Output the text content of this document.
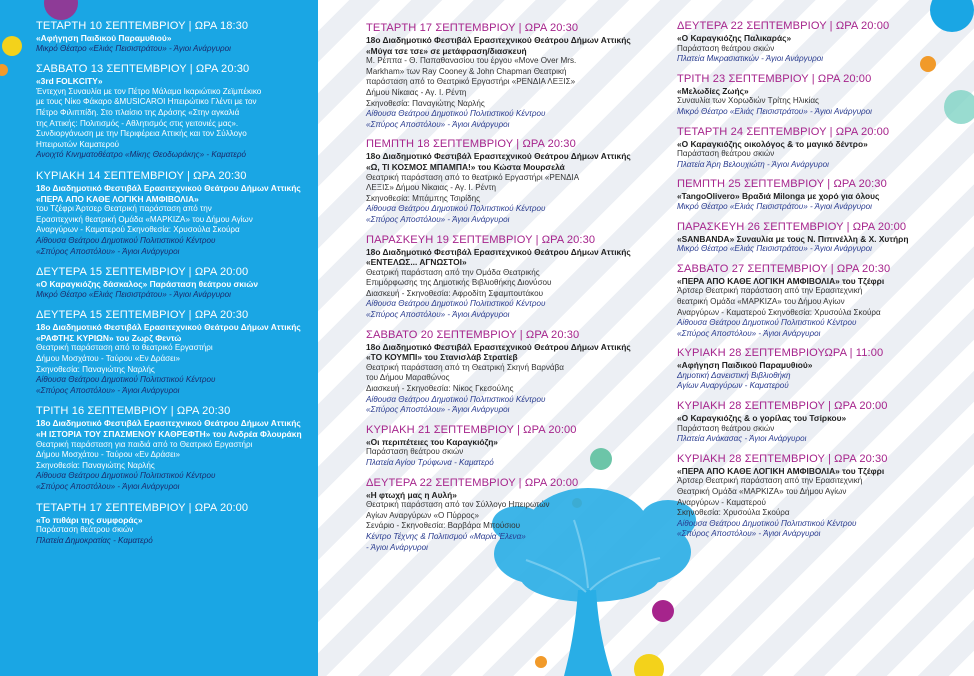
ΤΕΤΑΡΤΗ 10 ΣΕΠΤΕΜΒΡΙΟΥ | ΩΡΑ 18:30
«Αφήγηση Παιδικού Παραμυθιού»
Μικρό Θέατρο «Ελιάς Πεισιστράτου» - Άγιοι Ανάργυροι
ΣΑΒΒΑΤΟ 13 ΣΕΠΤΕΜΒΡΙΟΥ | ΩΡΑ 20:30
«3rd FOLKCITY»
Έντεχνη Συναυλία με τον Πέτρο Μάλαμα Ικαριώτικο Ζεϊμπέκικο
με τους Νίκο Φάκαρο &MUSICAROI Ηπειρώτικο Γλέντι με τον
Πέτρο Φιλιππίδη. Στο πλαίσιο της Δράσης «Στην αγκαλιά
της Αττικής: Πολιτισμός - Αθλητισμός στις γειτονιές μας».
Συνδιοργάνωση με την Περιφέρεια Αττικής και τον Σύλλογο
Ηπειρωτών Καματερού
Ανοιχτό Κινηματοθέατρο «Μίκης Θεοδωράκης» - Καματερό
ΚΥΡΙΑΚΗ 14 ΣΕΠΤΕΜΒΡΙΟΥ | ΩΡΑ 20:30
18ο Διαδημοτικό Φεστιβάλ Ερασιτεχνικού Θεάτρου Δήμων Αττικής «ΠΕΡΑ ΑΠΟ ΚΑΘΕ ΛΟΓΙΚΗ ΑΜΦΙΒΟΛΙΑ»
του Τζέφρι Άρτσερ Θεατρική παράσταση από την
Ερασιτεχνική θεατρική Ομάδα «ΜΑΡΚΙΖΑ» του Δήμου Αγίων
Αναργύρων - Καματερού Σκηνοθεσία: Χρυσούλα Σκούρα
Αίθουσα Θεάτρου Δημοτικού Πολιτιστικού Κέντρου
«Σπύρος Αποστόλου» - Άγιοι Ανάργυροι
ΔΕΥΤΕΡΑ 15 ΣΕΠΤΕΜΒΡΙΟΥ | ΩΡΑ 20:00
«Ο Καραγκιόζης δάσκαλος» Παράσταση θεάτρου σκιών
Μικρό Θέατρο «Ελιάς Πεισιστράτου» - Άγιοι Ανάργυροι
ΔΕΥΤΕΡΑ 15 ΣΕΠΤΕΜΒΡΙΟΥ | ΩΡΑ 20:30
18ο Διαδημοτικό Φεστιβάλ Ερασιτεχνικού Θεάτρου Δήμων Αττικής «ΡΑΦΤΗΣ ΚΥΡΙΩΝ» του Ζωρζ Φεντώ
Θεατρική παράσταση από το θεατρικό Εργαστήρι
Δήμου Μοσχάτου - Ταύρου «Εν Δράσει»
Σκηνοθεσία: Παναγιώτης Ναρλής
Αίθουσα Θεάτρου Δημοτικού Πολιτιστικού Κέντρου
«Σπύρος Αποστόλου» - Άγιοι Ανάργυροι
ΤΡΙΤΗ 16 ΣΕΠΤΕΜΒΡΙΟΥ | ΩΡΑ 20:30
18ο Διαδημοτικό Φεστιβάλ Ερασιτεχνικού Θεάτρου Δήμων Αττικής «Η ΙΣΤΟΡΙΑ ΤΟΥ ΣΠΑΣΜΕΝΟΥ ΚΑΘΡΕΦΤΗ» του Ανδρέα Φλουράκη
Θεατρική παράσταση για παιδιά από το Θεατρικό Εργαστήρι
Δήμου Μοσχάτου - Ταύρου «Εν Δράσει»
Σκηνοθεσία: Παναγιώτης Ναρλής
Αίθουσα Θεάτρου Δημοτικού Πολιτιστικού Κέντρου
«Σπύρος Αποστόλου» - Άγιοι Ανάργυροι
ΤΕΤΑΡΤΗ 17 ΣΕΠΤΕΜΒΡΙΟΥ | ΩΡΑ 20:00
«Το πιθάρι της συμφοράς»
Παράσταση θεάτρου σκιών
Πλατεία Δημοκρατίας - Καματερό
ΤΕΤΑΡΤΗ 17 ΣΕΠΤΕΜΒΡΙΟΥ | ΩΡΑ 20:30
18ο Διαδημοτικό Φεστιβάλ Ερασιτεχνικού Θεάτρου Δήμων Αττικής «Μύγα τσε τσε» σε μετάφραση/διασκευή
Μ. Ρέππα - Θ. Παπαθανασίου του έργου «Move Over Mrs.
Markham» των Ray Cooney & John Chapman Θεατρική
παράσταση από το Θεατρικό Εργαστήρι «ΡΕΝΔΙΑ ΛΕΞΙΣ»
Δήμου Νίκαιας - Αγ. Ι. Ρέντη
Σκηνοθεσία: Παναγιώτης Ναρλής
Αίθουσα Θεάτρου Δημοτικού Πολιτιστικού Κέντρου
«Σπύρος Αποστόλου» - Άγιοι Ανάργυροι
ΠΕΜΠΤΗ 18 ΣΕΠΤΕΜΒΡΙΟΥ | ΩΡΑ 20:30
18ο Διαδημοτικό Φεστιβάλ Ερασιτεχνικού Θεάτρου Δήμων Αττικής «Ω, ΤΙ ΚΟΣΜΟΣ ΜΠΑΜΠΑ!» του Κώστα Μουρσελά
Θεατρική παράσταση από το θεατρικό Εργαστήρι «ΡΕΝΔΙΑ
ΛΕΞΙΣ» Δήμου Νίκαιας - Αγ. Ι. Ρέντη
Σκηνοθεσία: Μπάμπης Τσιρίδης
Αίθουσα Θεάτρου Δημοτικού Πολιτιστικού Κέντρου
«Σπύρος Αποστόλου» - Άγιοι Ανάργυροι
ΠΑΡΑΣΚΕΥΗ 19 ΣΕΠΤΕΜΒΡΙΟΥ | ΩΡΑ 20:30
18ο Διαδημοτικό Φεστιβάλ Ερασιτεχνικού Θεάτρου Δήμων Αττικής «ΕΝΤΕΛΩΣ... ΑΓΝΩΣΤΟΙ»
Θεατρική παράσταση από την Ομάδα Θεατρικής
Επιμόρφωσης της Δημοτικής Βιβλιοθήκης Διονύσου
Διασκευή - Σκηνοθεσία: Αφροδίτη Σφαμπουτάκου
Αίθουσα Θεάτρου Δημοτικού Πολιτιστικού Κέντρου
«Σπύρος Αποστόλου» - Άγιοι Ανάργυροι
ΣΑΒΒΑΤΟ 20 ΣΕΠΤΕΜΒΡΙΟΥ | ΩΡΑ 20:30
18ο Διαδημοτικό Φεστιβάλ Ερασιτεχνικού Θεάτρου Δήμων Αττικής «ΤΟ ΚΟΥΜΠΙ» του Στανισλάβ Στρατίεβ
Θεατρική παράσταση από τη Θεατρική Σκηνή Βαρνάβα
του Δήμου Μαραθώνος
Διασκευή - Σκηνοθεσία: Νίκος Γκεσούλης
Αίθουσα Θεάτρου Δημοτικού Πολιτιστικού Κέντρου
«Σπύρος Αποστόλου» - Άγιοι Ανάργυροι
ΚΥΡΙΑΚΗ 21 ΣΕΠΤΕΜΒΡΙΟΥ | ΩΡΑ 20:00
«Οι περιπέτειες του Καραγκιόζη»
Παράσταση θεάτρου σκιών
Πλατεία Αγίου Τρύφωνα - Καματερό
ΔΕΥΤΕΡΑ 22 ΣΕΠΤΕΜΒΡΙΟΥ | ΩΡΑ 20:00
«Η φτωχή μας η Αυλή»
Θεατρική παράσταση από τον Σύλλογο Ηπειρωτών
Αγίων Αναργύρων «Ο Πύρρος»
Σενάριο - Σκηνοθεσία: Βαρβάρα Μπούσιου
Κέντρο Τέχνης & Πολιτισμού «Μαρία Έλενα»
- Άγιοι Ανάργυροι
ΔΕΥΤΕΡΑ 22 ΣΕΠΤΕΜΒΡΙΟΥ | ΩΡΑ 20:00
«Ο Καραγκιόζης Παλικαράς»
Παράσταση θεάτρου σκιών
Πλατεία Μικρασιατικών - Άγιοι Ανάργυροι
ΤΡΙΤΗ 23 ΣΕΠΤΕΜΒΡΙΟΥ | ΩΡΑ 20:00
«Μελωδίες Ζωής»
Συναυλία των Χορωδιών Τρίτης Ηλικίας
Μικρό Θέατρο «Ελιάς Πεισιστράτου» - Άγιοι Ανάργυροι
ΤΕΤΑΡΤΗ 24 ΣΕΠΤΕΜΒΡΙΟΥ | ΩΡΑ 20:00
«Ο Καραγκιόζης οικολόγος & το μαγικό δέντρο»
Παράσταση θεάτρου σκιών
Πλατεία Άρη Βελουχιώτη - Άγιοι Ανάργυροι
ΠΕΜΠΤΗ 25 ΣΕΠΤΕΜΒΡΙΟΥ | ΩΡΑ 20:30
«TangoOlivero» Βραδιά Milonga με χορό για όλους
Μικρό Θέατρο «Ελιάς Πεισιστράτου» - Άγιοι Ανάργυροι
ΠΑΡΑΣΚΕΥΗ 26 ΣΕΠΤΕΜΒΡΙΟΥ | ΩΡΑ 20:00
«SANBANDA» Συναυλία με τους Ν. Πιπινέλλη & Χ. Χυτήρη
Μικρό Θέατρο «Ελιάς Πεισιστράτου» - Άγιοι Ανάργυροι
ΣΑΒΒΑΤΟ 27 ΣΕΠΤΕΜΒΡΙΟΥ | ΩΡΑ 20:30
«ΠΕΡΑ ΑΠΟ ΚΑΘΕ ΛΟΓΙΚΗ ΑΜΦΙΒΟΛΙΑ» του Τζέφρι
Άρτσερ Θεατρική παράσταση από την Ερασιτεχνική
θεατρική Ομάδα «ΜΑΡΚΙΖΑ» του Δήμου Αγίων
Αναργύρων - Καματερού Σκηνοθεσία: Χρυσούλα Σκούρα
Αίθουσα Θεάτρου Δημοτικού Πολιτιστικού Κέντρου
«Σπύρος Αποστόλου» - Άγιοι Ανάργυροι
ΚΥΡΙΑΚΗ 28 ΣΕΠΤΕΜΒΡΙΟΥΩΡΑ | 11:00
«Αφήγηση Παιδικού Παραμυθιού»
Δημοτική Δανειστική Βιβλιοθήκη
Αγίων Αναργύρων - Καματερού
ΚΥΡΙΑΚΗ 28 ΣΕΠΤΕΜΒΡΙΟΥ | ΩΡΑ 20:00
«Ο Καραγκιόζης & ο γορίλας του Τσίρκου»
Παράσταση θεάτρου σκιών
Πλατεία Ανάκασας - Άγιοι Ανάργυροι
ΚΥΡΙΑΚΗ 28 ΣΕΠΤΕΜΒΡΙΟΥ | ΩΡΑ 20:30
«ΠΕΡΑ ΑΠΟ ΚΑΘΕ ΛΟΓΙΚΗ ΑΜΦΙΒΟΛΙΑ» του Τζέφρι
Άρτσερ Θεατρική παράσταση από την Ερασιτεχνική
Θεατρική Ομάδα «ΜΑΡΚΙΖΑ» του Δήμου Αγίων
Αναργύρων - Καματερού
Σκηνοθεσία: Χρυσούλα Σκούρα
Αίθουσα Θεάτρου Δημοτικού Πολιτιστικού Κέντρου
«Σπύρος Αποστόλου» - Άγιοι Ανάργυροι
